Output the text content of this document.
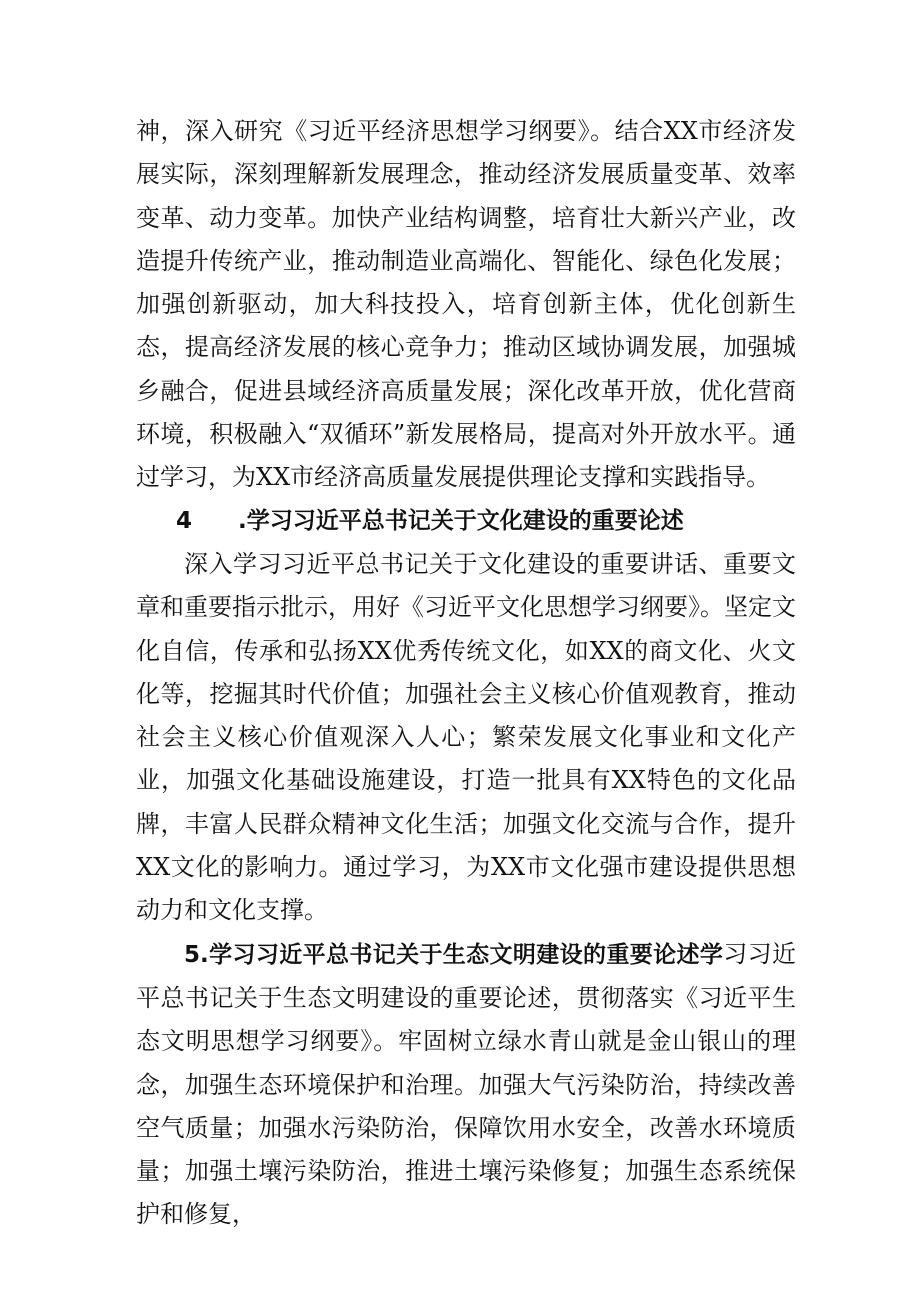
神，深入研究《习近平经济思想学习纲要》。结合XX市经济发展实际，深刻理解新发展理念，推动经济发展质量变革、效率变革、动力变革。加快产业结构调整，培育壮大新兴产业，改造提升传统产业，推动制造业高端化、智能化、绿色化发展；加强创新驱动，加大科技投入，培育创新主体，优化创新生态，提高经济发展的核心竞争力；推动区域协调发展，加强城乡融合，促进县域经济高质量发展；深化改革开放，优化营商环境，积极融入“双循环”新发展格局，提高对外开放水平。通过学习，为XX市经济高质量发展提供理论支撑和实践指导。

4 .学习习近平总书记关于文化建设的重要论述

深入学习习近平总书记关于文化建设的重要讲话、重要文章和重要指示批示，用好《习近平文化思想学习纲要》。坚定文化自信，传承和弘扬XX优秀传统文化，如XX的商文化、火文化等，挖掘其时代价值；加强社会主义核心价值观教育，推动社会主义核心价值观深入人心；繁荣发展文化事业和文化产业，加强文化基础设施建设，打造一批具有XX特色的文化品牌，丰富人民群众精神文化生活；加强文化交流与合作，提升XX文化的影响力。通过学习，为XX市文化强市建设提供思想动力和文化支撑。

5.学习习近平总书记关于生态文明建设的重要论述学习习近平总书记关于生态文明建设的重要论述，贯彻落实《习近平生态文明思想学习纲要》。牢固树立绿水青山就是金山银山的理念，加强生态环境保护和治理。加强大气污染防治，持续改善空气质量；加强水污染防治，保障饮用水安全，改善水环境质量；加强土壤污染防治，推进土壤污染修复；加强生态系统保护和修复，
